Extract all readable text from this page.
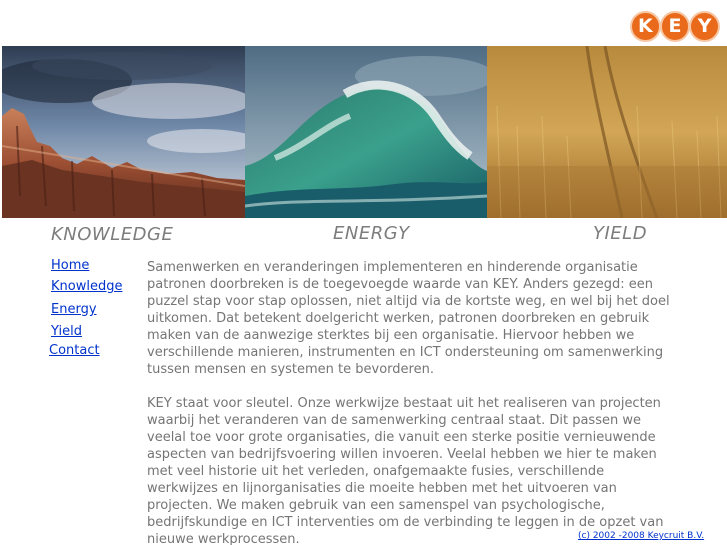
K E Y
KNOWLEDGE	ENERGY	YIELD
Home
Knowledge
Energy
Yield
Contact

Samenwerken en veranderingen implementeren en hinderende organisatie patronen doorbreken is de toegevoegde waarde van KEY. Anders gezegd: een puzzel stap voor stap oplossen, niet altijd via de kortste weg, en wel bij het doel uitkomen. Dat betekent doelgericht werken, patronen doorbreken en gebruik maken van de aanwezige sterktes bij een organisatie. Hiervoor hebben we verschillende manieren, instrumenten en ICT ondersteuning om samenwerking tussen mensen en systemen te bevorderen.

KEY staat voor sleutel. Onze werkwijze bestaat uit het realiseren van projecten waarbij het veranderen van de samenwerking centraal staat. Dit passen we veelal toe voor grote organisaties, die vanuit een sterke positie vernieuwende aspecten van bedrijfsvoering willen invoeren. Veelal hebben we hier te maken met veel historie uit het verleden, onafgemaakte fusies, verschillende werkwijzes en lijnorganisaties die moeite hebben met het uitvoeren van projecten. We maken gebruik van een samenspel van psychologische, bedrijfskundige en ICT interventies om de verbinding te leggen in de opzet van nieuwe werkprocessen.	(c) 2002 -2008 Keycruit B.V.
